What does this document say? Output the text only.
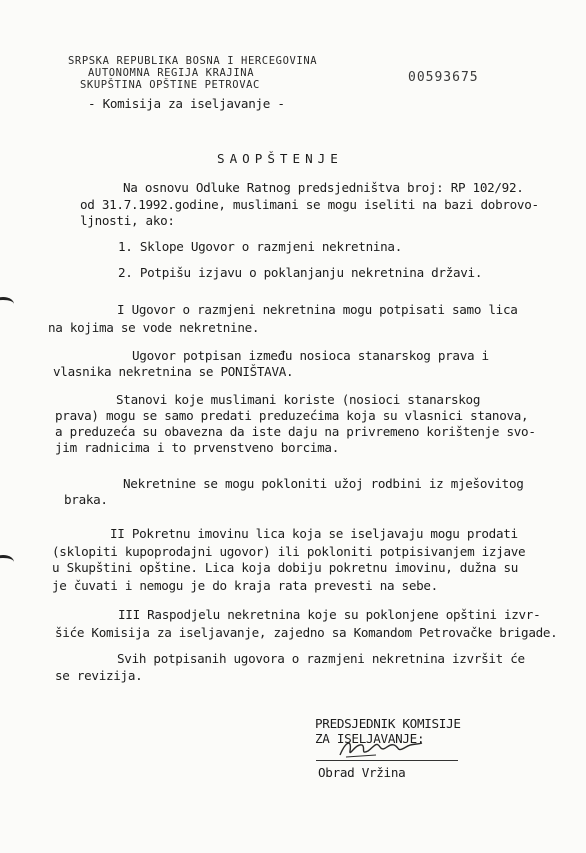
SRPSKA REPUBLIKA BOSNA I HERCEGOVINA
AUTONOMNA REGIJA KRAJINA
SKUPŠTINA OPŠTINE PETROVAC
- Komisija za iseljavanje -
00593675
SAOPŠTENJE
Na osnovu Odluke Ratnog predsjedništva broj: RP 102/92.
od 31.7.1992.godine, muslimani se mogu iseliti na bazi dobrovo-
ljnosti, ako:
1. Sklope Ugovor o razmjeni nekretnina.
2. Potpišu izjavu o poklanjanju nekretnina državi.
I Ugovor o razmjeni nekretnina mogu potpisati samo lica
na kojima se vode nekretnine.
Ugovor potpisan između nosioca stanarskog prava i
vlasnika nekretnina se PONIŠTAVA.
Stanovi koje muslimani koriste (nosioci stanarskog
prava) mogu se samo predati preduzećima koja su vlasnici stanova,
a preduzeća su obavezna da iste daju na privremeno korištenje svo-
jim radnicima i to prvenstveno borcima.
Nekretnine se mogu pokloniti užoj rodbini iz mješovitog
braka.
II Pokretnu imovinu lica koja se iseljavaju mogu prodati
(sklopiti kupoprodajni ugovor) ili pokloniti potpisivanjem izjave
u Skupštini opštine. Lica koja dobiju pokretnu imovinu, dužna su
je čuvati i nemogu je do kraja rata prevesti na sebe.
III Raspodjelu nekretnina koje su poklonjene opštini izvr-
šiće Komisija za iseljavanje, zajedno sa Komandom Petrovačke brigade.
Svih potpisanih ugovora o razmjeni nekretnina izvršit će
se revizija.
PREDSJEDNIK KOMISIJE
ZA ISELJAVANJE:
Obrad Vržina
